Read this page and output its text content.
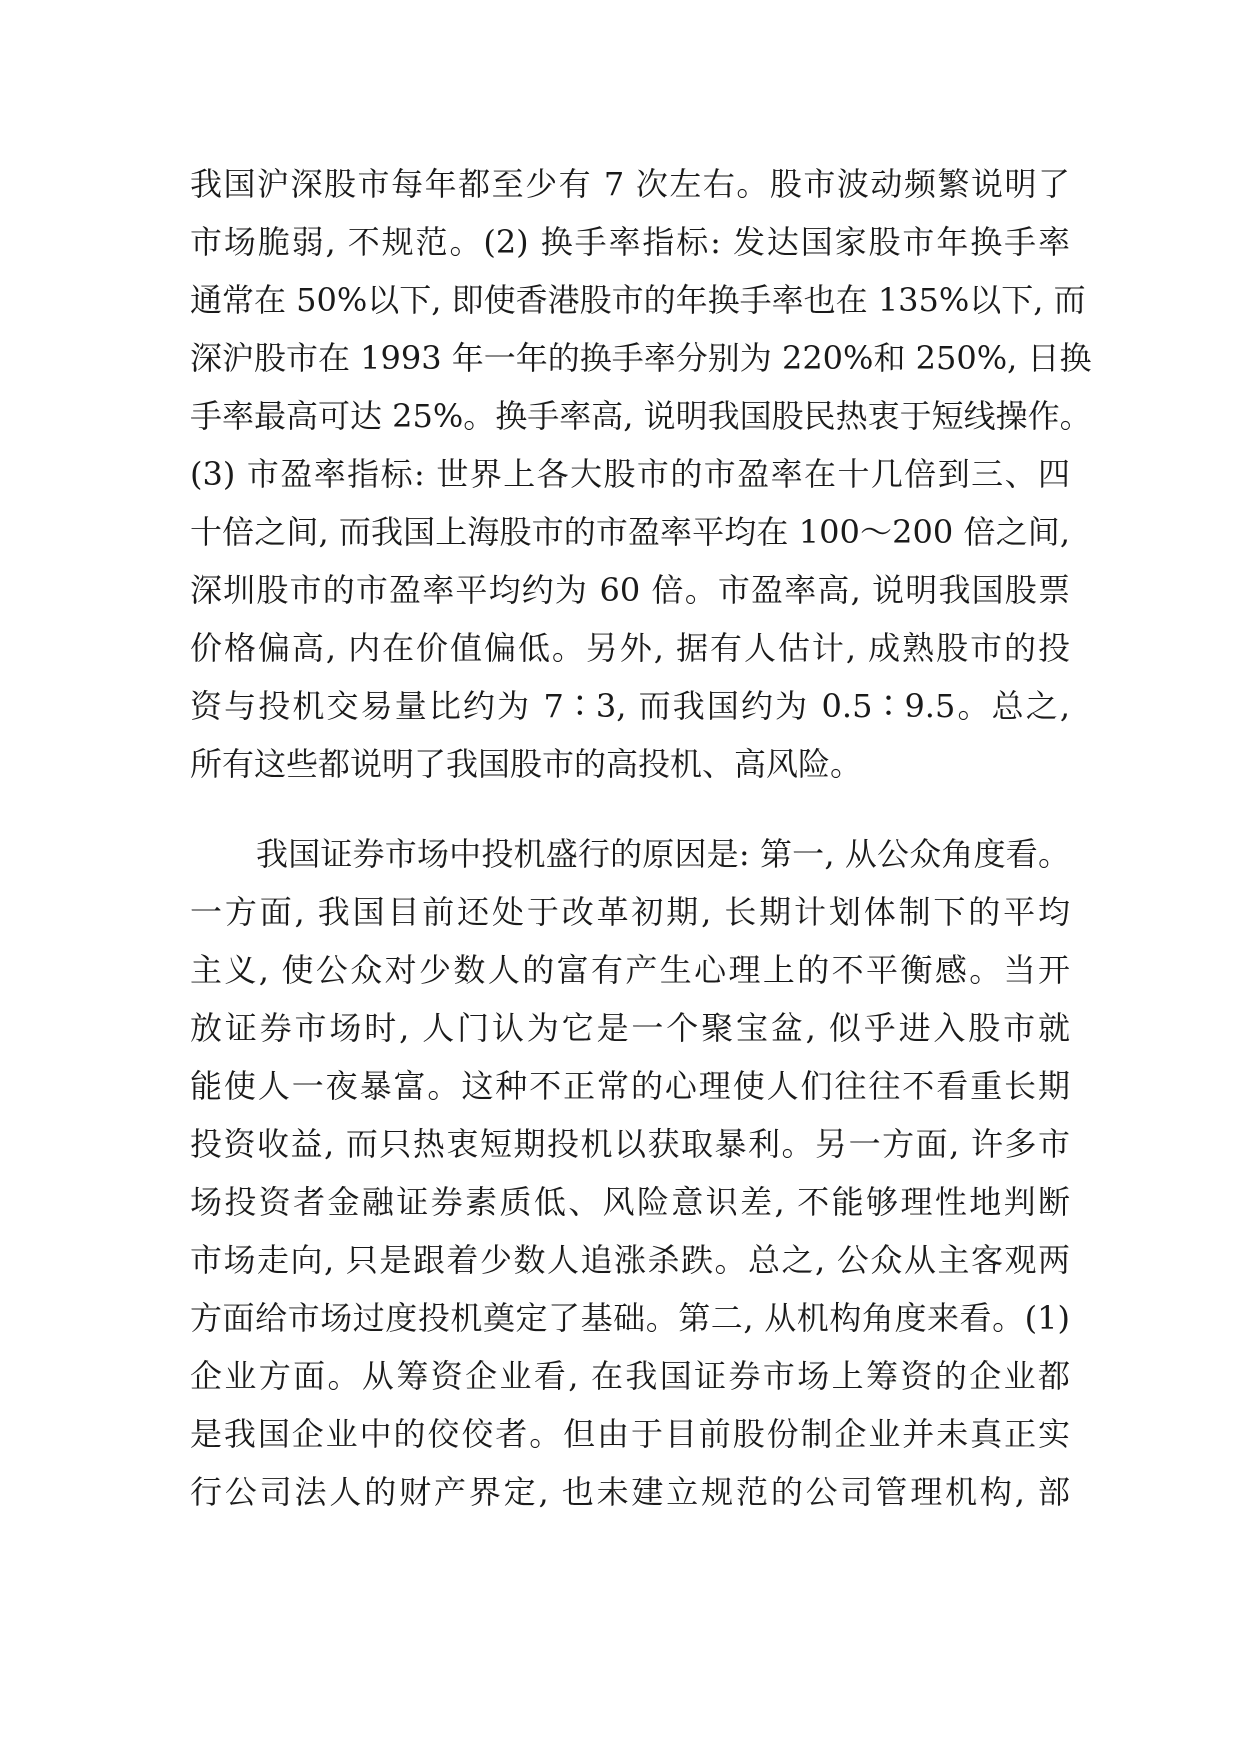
我国沪深股市每年都至少有 7 次左右。股市波动频繁说明了
市场脆弱, 不规范。(2) 换手率指标: 发达国家股市年换手率
通常在 50%以下, 即使香港股市的年换手率也在 135%以下, 而
深沪股市在 1993 年一年的换手率分别为 220%和 250%, 日换
手率最高可达 25%。换手率高, 说明我国股民热衷于短线操作。
(3) 市盈率指标: 世界上各大股市的市盈率在十几倍到三、四
十倍之间, 而我国上海股市的市盈率平均在 100～200 倍之间,
深圳股市的市盈率平均约为 60 倍。市盈率高, 说明我国股票
价格偏高, 内在价值偏低。另外, 据有人估计, 成熟股市的投
资与投机交易量比约为 7∶3, 而我国约为 0.5∶9.5。总之,
所有这些都说明了我国股市的高投机、高风险。
我国证券市场中投机盛行的原因是: 第一, 从公众角度看。
一方面, 我国目前还处于改革初期, 长期计划体制下的平均
主义, 使公众对少数人的富有产生心理上的不平衡感。当开
放证券市场时, 人门认为它是一个聚宝盆, 似乎进入股市就
能使人一夜暴富。这种不正常的心理使人们往往不看重长期
投资收益, 而只热衷短期投机以获取暴利。另一方面, 许多市
场投资者金融证券素质低、风险意识差, 不能够理性地判断
市场走向, 只是跟着少数人追涨杀跌。总之, 公众从主客观两
方面给市场过度投机奠定了基础。第二, 从机构角度来看。(1)
企业方面。从筹资企业看, 在我国证券市场上筹资的企业都
是我国企业中的佼佼者。但由于目前股份制企业并未真正实
行公司法人的财产界定, 也未建立规范的公司管理机构, 部
